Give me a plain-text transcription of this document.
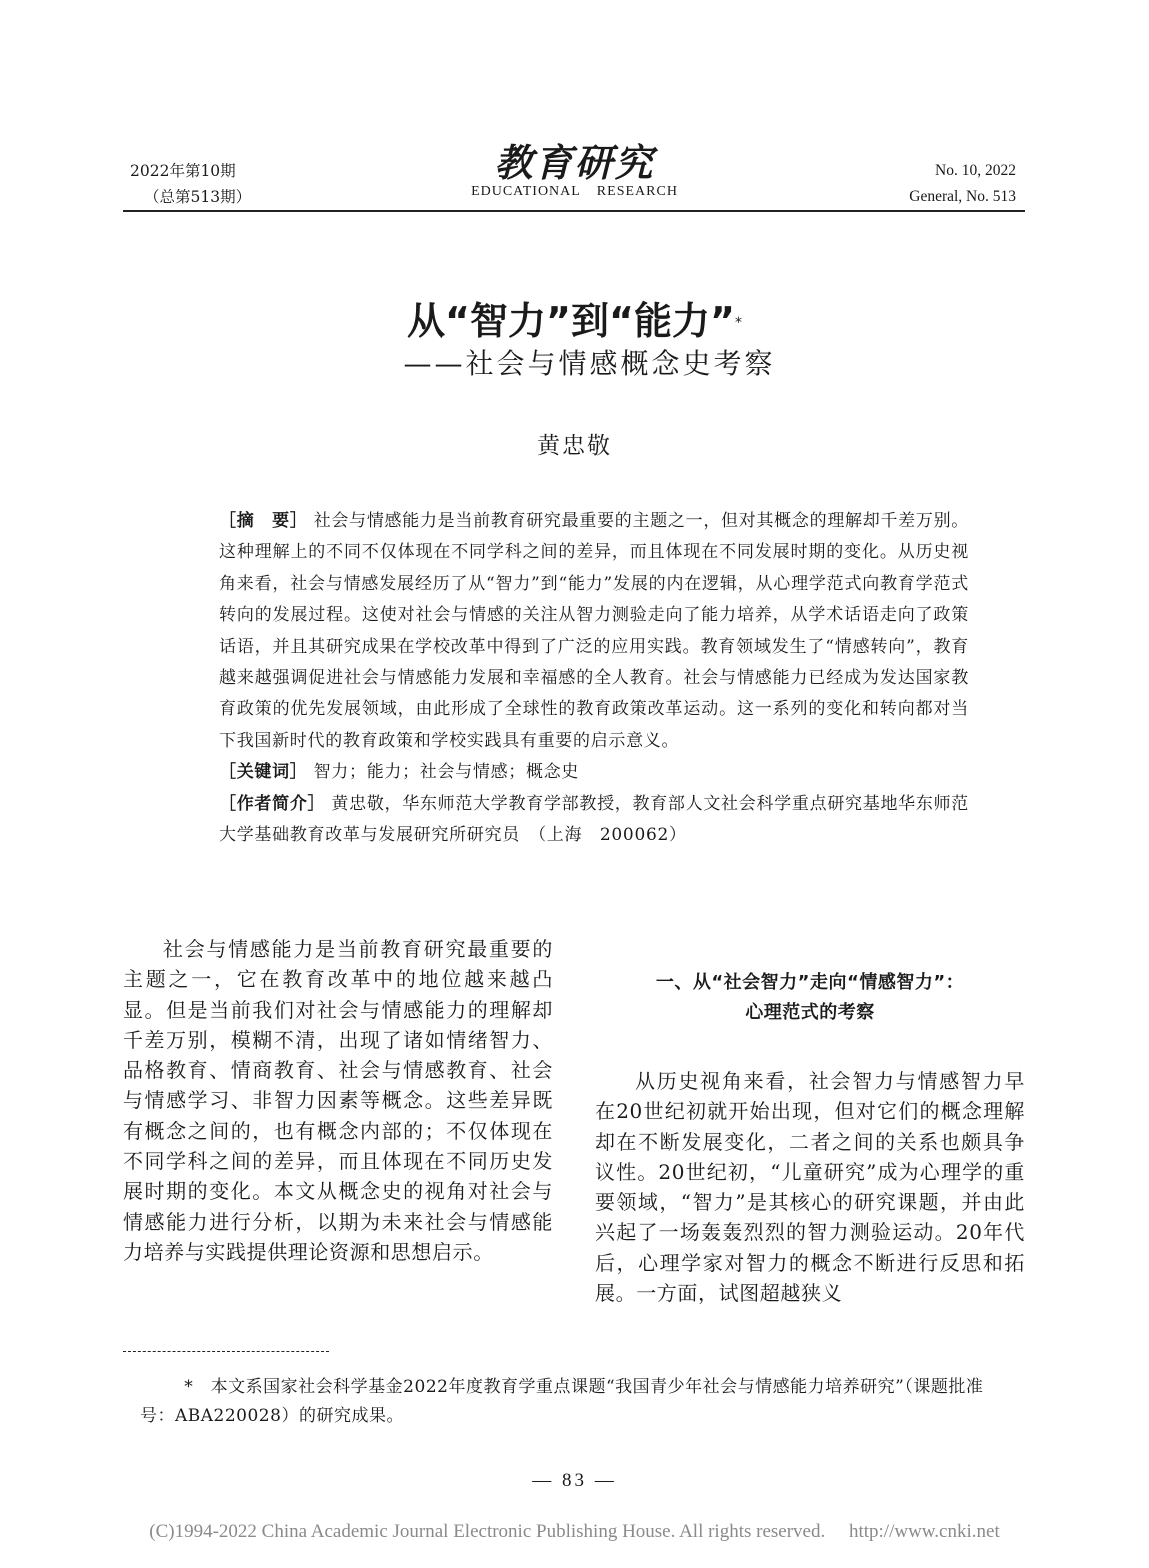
2022年第10期
（总第513期）
教育研究
EDUCATIONAL RESEARCH
No. 10, 2022
General, No. 513
从“智力”到“能力”*
——社会与情感概念史考察
黄忠敬

［摘　要］ 社会与情感能力是当前教育研究最重要的主题之一，但对其概念的理解却千差万别。这种理解上的不同不仅体现在不同学科之间的差异，而且体现在不同发展时期的变化。从历史视角来看，社会与情感发展经历了从“智力”到“能力”发展的内在逻辑，从心理学范式向教育学范式转向的发展过程。这使对社会与情感的关注从智力测验走向了能力培养，从学术话语走向了政策话语，并且其研究成果在学校改革中得到了广泛的应用实践。教育领域发生了“情感转向”，教育越来越强调促进社会与情感能力发展和幸福感的全人教育。社会与情感能力已经成为发达国家教育政策的优先发展领域，由此形成了全球性的教育政策改革运动。这一系列的变化和转向都对当下我国新时代的教育政策和学校实践具有重要的启示意义。

［关键词］ 智力；能力；社会与情感；概念史

［作者简介］ 黄忠敬，华东师范大学教育学部教授，教育部人文社会科学重点研究基地华东师范大学基础教育改革与发展研究所研究员　（上海　200062）

社会与情感能力是当前教育研究最重要的主题之一，它在教育改革中的地位越来越凸显。但是当前我们对社会与情感能力的理解却千差万别，模糊不清，出现了诸如情绪智力、品格教育、情商教育、社会与情感教育、社会与情感学习、非智力因素等概念。这些差异既有概念之间的，也有概念内部的；不仅体现在不同学科之间的差异，而且体现在不同历史发展时期的变化。本文从概念史的视角对社会与情感能力进行分析，以期为未来社会与情感能力培养与实践提供理论资源和思想启示。

一、从“社会智力”走向“情感智力”：
心理范式的考察

从历史视角来看，社会智力与情感智力早在20世纪初就开始出现，但对它们的概念理解却在不断发展变化，二者之间的关系也颇具争议性。20世纪初，“儿童研究”成为心理学的重要领域，“智力”是其核心的研究课题，并由此兴起了一场轰轰烈烈的智力测验运动。20年代后，心理学家对智力的概念不断进行反思和拓展。一方面，试图超越狭义

*　本文系国家社会科学基金2022年度教育学重点课题“我国青少年社会与情感能力培养研究”（课题批准号：ABA220028）的研究成果。

— 83 —
(C)1994-2022 China Academic Journal Electronic Publishing House. All rights reserved.　 http://www.cnki.net
